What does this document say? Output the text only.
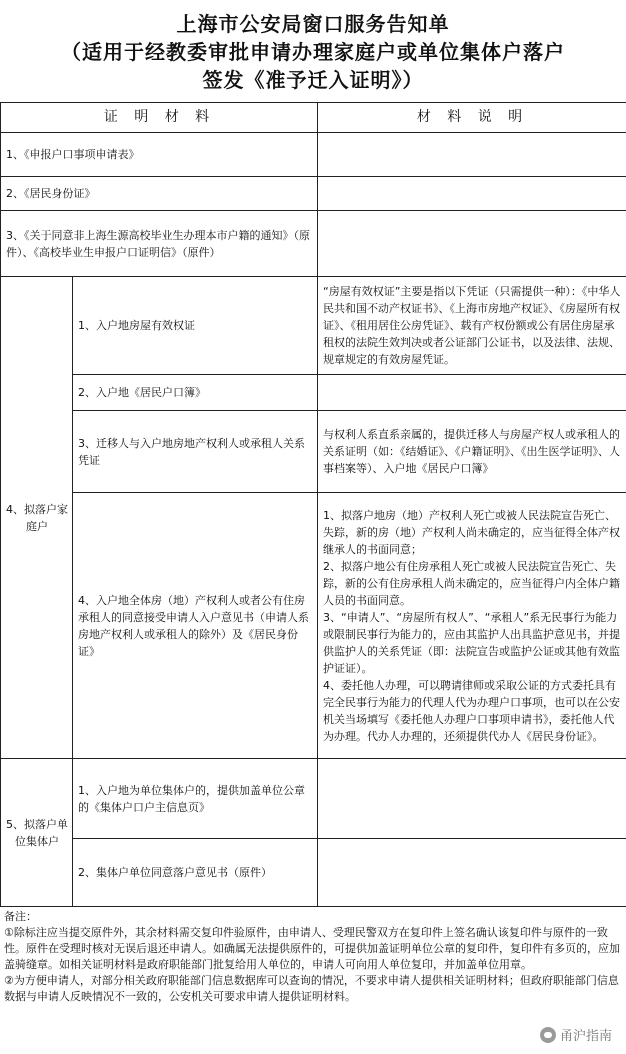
上海市公安局窗口服务告知单
（适用于经教委审批申请办理家庭户或单位集体户落户
签发《准予迁入证明》）
证 明 材 料		材 料 说 明
1、《申报户口事项申请表》		
2、《居民身份证》		
3、《关于同意非上海生源高校毕业生办理本市户籍的通知》（原件）、《高校毕业生申报户口证明信》（原件）		
4、拟落户家庭户	1、入户地房屋有效权证	“房屋有效权证”主要是指以下凭证（只需提供一种）：《中华人民共和国不动产权证书》、《上海市房地产权证》、《房屋所有权证》、《租用居住公房凭证》、载有产权份额或公有居住房屋承租权的法院生效判决或者公证部门公证书，以及法律、法规、规章规定的有效房屋凭证。
	2、入户地《居民户口簿》	
	3、迁移人与入户地房地产权利人或承租人关系凭证	与权利人系直系亲属的，提供迁移人与房屋产权人或承租人的关系证明（如：《结婚证》、《户籍证明》、《出生医学证明》、人事档案等）、入户地《居民户口簿》
	4、入户地全体房（地）产权利人或者公有住房承租人的同意接受申请人入户意见书（申请人系房地产权利人或承租人的除外）及《居民身份证》	1、拟落户地房（地）产权利人死亡或被人民法院宣告死亡、失踪，新的房（地）产权利人尚未确定的，应当征得全体产权继承人的书面同意；
2、拟落户地公有住房承租人死亡或被人民法院宣告死亡、失踪，新的公有住房承租人尚未确定的，应当征得户内全体户籍人员的书面同意。
3、“申请人”、“房屋所有权人”、“承租人”系无民事行为能力或限制民事行为能力的，应由其监护人出具监护意见书，并提供监护人的关系凭证（即：法院宣告或监护公证或其他有效监护证证）。
4、委托他人办理，可以聘请律师或采取公证的方式委托具有完全民事行为能力的代理人代为办理户口事项，也可以在公安机关当场填写《委托他人办理户口事项申请书》，委托他人代为办理。代办人办理的，还须提供代办人《居民身份证》。
5、拟落户单位集体户	1、入户地为单位集体户的，提供加盖单位公章的《集体户口户主信息页》	
	2、集体户单位同意落户意见书（原件）	
备注：
①除标注应当提交原件外，其余材料需交复印件验原件，由申请人、受理民警双方在复印件上签名确认该复印件与原件的一致性。原件在受理时核对无误后退还申请人。如确属无法提供原件的，可提供加盖证明单位公章的复印件，复印件有多页的，应加盖骑缝章。如相关证明材料是政府职能部门批复给用人单位的，申请人可向用人单位复印，并加盖单位用章。
②为方便申请人，对部分相关政府职能部门信息数据库可以查询的情况，不要求申请人提供相关证明材料；但政府职能部门信息数据与申请人反映情况不一致的，公安机关可要求申请人提供证明材料。
甬沪指南
